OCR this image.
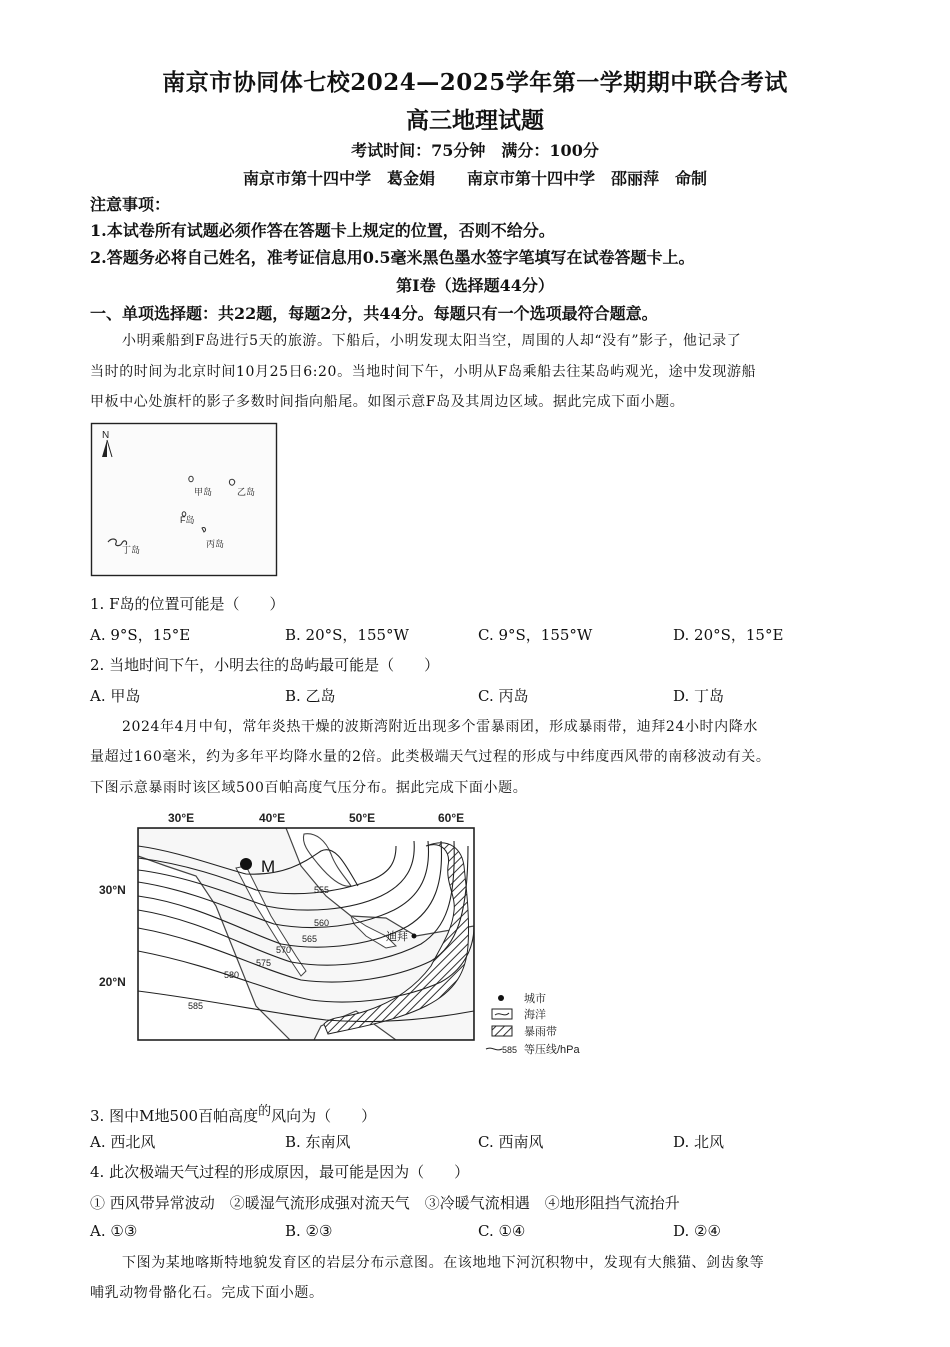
南京市协同体七校2024—2025学年第一学期期中联合考试
高三地理试题
考试时间：75分钟　满分：100分
南京市第十四中学　葛金娟　　南京市第十四中学　邵丽萍　命制
注意事项：
1.本试卷所有试题必须作答在答题卡上规定的位置，否则不给分。
2.答题务必将自己姓名，准考证信息用0.5毫米黑色墨水签字笔填写在试卷答题卡上。
第Ⅰ卷（选择题44分）
一、单项选择题：共22题，每题2分，共44分。每题只有一个选项最符合题意。
小明乘船到F岛进行5天的旅游。下船后，小明发现太阳当空，周围的人却“没有”影子，他记录了
当时的时间为北京时间10月25日6:20。当地时间下午，小明从F岛乘船去往某岛屿观光，途中发现游船
甲板中心处旗杆的影子多数时间指向船尾。如图示意F岛及其周边区域。据此完成下面小题。
N
甲岛	乙岛
F岛
丙岛
丁岛
1. F岛的位置可能是（　　）
A. 9°S，15°E	B. 20°S，155°W	C. 9°S，155°W	D. 20°S，15°E
2. 当地时间下午，小明去往的岛屿最可能是（　　）
A. 甲岛	B. 乙岛	C. 丙岛	D. 丁岛
2024年4月中旬，常年炎热干燥的波斯湾附近出现多个雷暴雨团，形成暴雨带，迪拜24小时内降水
量超过160毫米，约为多年平均降水量的2倍。此类极端天气过程的形成与中纬度西风带的南移波动有关。
下图示意暴雨时该区域500百帕高度气压分布。据此完成下面小题。
30°E	40°E	50°E	60°E
30°N
20°N
555
560
565
570
575
580
585
M
迪拜
城市
海洋
暴雨带
585 等压线/hPa
3. 图中M地500百帕高度$^的$风向为（　　）
A. 西北风	B. 东南风	C. 西南风	D. 北风
4. 此次极端天气过程的形成原因，最可能是因为（　　）
① 西风带异常波动　②暖湿气流形成强对流天气　③冷暖气流相遇　④地形阻挡气流抬升
A. ①③	B. ②③	C. ①④	D. ②④
下图为某地喀斯特地貌发育区的岩层分布示意图。在该地地下河沉积物中，发现有大熊猫、剑齿象等
哺乳动物骨骼化石。完成下面小题。
